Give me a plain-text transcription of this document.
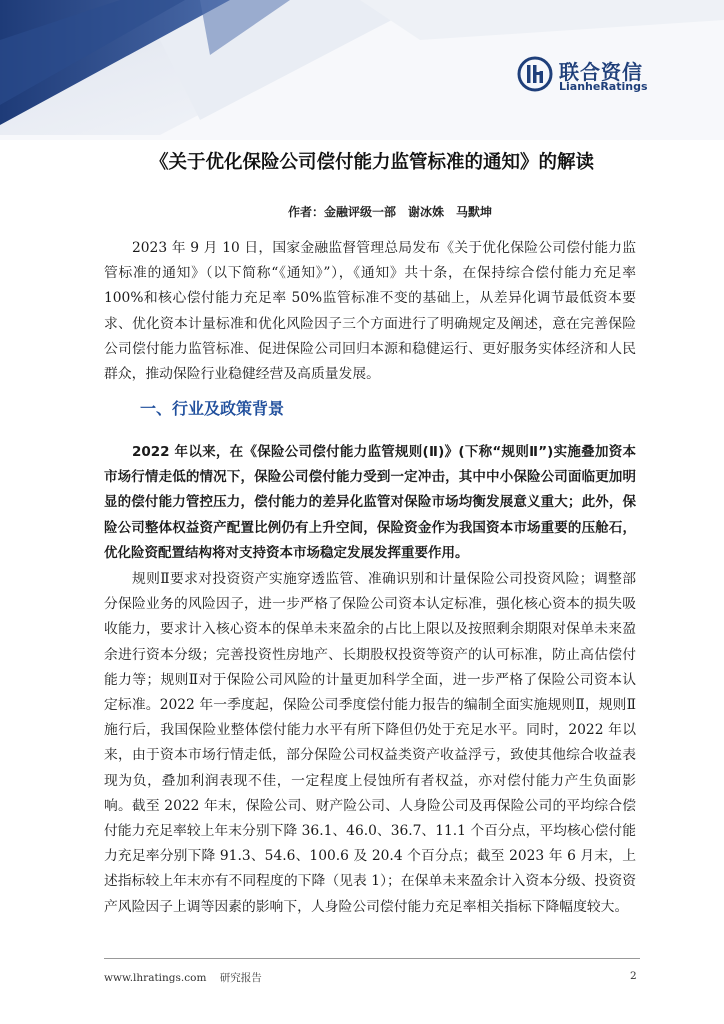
联合资信
LianheRatings
《关于优化保险公司偿付能力监管标准的通知》的解读
作者：金融评级一部　谢冰姝　马默坤

2023 年 9 月 10 日，国家金融监督管理总局发布《关于优化保险公司偿付能力监管标准的通知》（以下简称“《通知》”），《通知》共十条，在保持综合偿付能力充足率100%和核心偿付能力充足率 50%监管标准不变的基础上，从差异化调节最低资本要求、优化资本计量标准和优化风险因子三个方面进行了明确规定及阐述，意在完善保险公司偿付能力监管标准、促进保险公司回归本源和稳健运行、更好服务实体经济和人民群众，推动保险行业稳健经营及高质量发展。

一、行业及政策背景

2022 年以来，在《保险公司偿付能力监管规则(Ⅱ)》(下称“规则Ⅱ”)实施叠加资本市场行情走低的情况下，保险公司偿付能力受到一定冲击，其中中小保险公司面临更加明显的偿付能力管控压力，偿付能力的差异化监管对保险市场均衡发展意义重大；此外，保险公司整体权益资产配置比例仍有上升空间，保险资金作为我国资本市场重要的压舱石，优化险资配置结构将对支持资本市场稳定发展发挥重要作用。

规则Ⅱ要求对投资资产实施穿透监管、准确识别和计量保险公司投资风险；调整部分保险业务的风险因子，进一步严格了保险公司资本认定标准，强化核心资本的损失吸收能力，要求计入核心资本的保单未来盈余的占比上限以及按照剩余期限对保单未来盈余进行资本分级；完善投资性房地产、长期股权投资等资产的认可标准，防止高估偿付能力等；规则Ⅱ对于保险公司风险的计量更加科学全面，进一步严格了保险公司资本认定标准。2022 年一季度起，保险公司季度偿付能力报告的编制全面实施规则Ⅱ，规则Ⅱ施行后，我国保险业整体偿付能力水平有所下降但仍处于充足水平。同时，2022 年以来，由于资本市场行情走低，部分保险公司权益类资产收益浮亏，致使其他综合收益表现为负，叠加利润表现不佳，一定程度上侵蚀所有者权益，亦对偿付能力产生负面影响。截至 2022 年末，保险公司、财产险公司、人身险公司及再保险公司的平均综合偿付能力充足率较上年末分别下降 36.1、46.0、36.7、11.1 个百分点，平均核心偿付能力充足率分别下降 91.3、54.6、100.6 及 20.4 个百分点；截至 2023 年 6 月末，上述指标较上年末亦有不同程度的下降（见表 1）；在保单未来盈余计入资本分级、投资资产风险因子上调等因素的影响下，人身险公司偿付能力充足率相关指标下降幅度较大。

www.lhratings.com 研究报告	2
